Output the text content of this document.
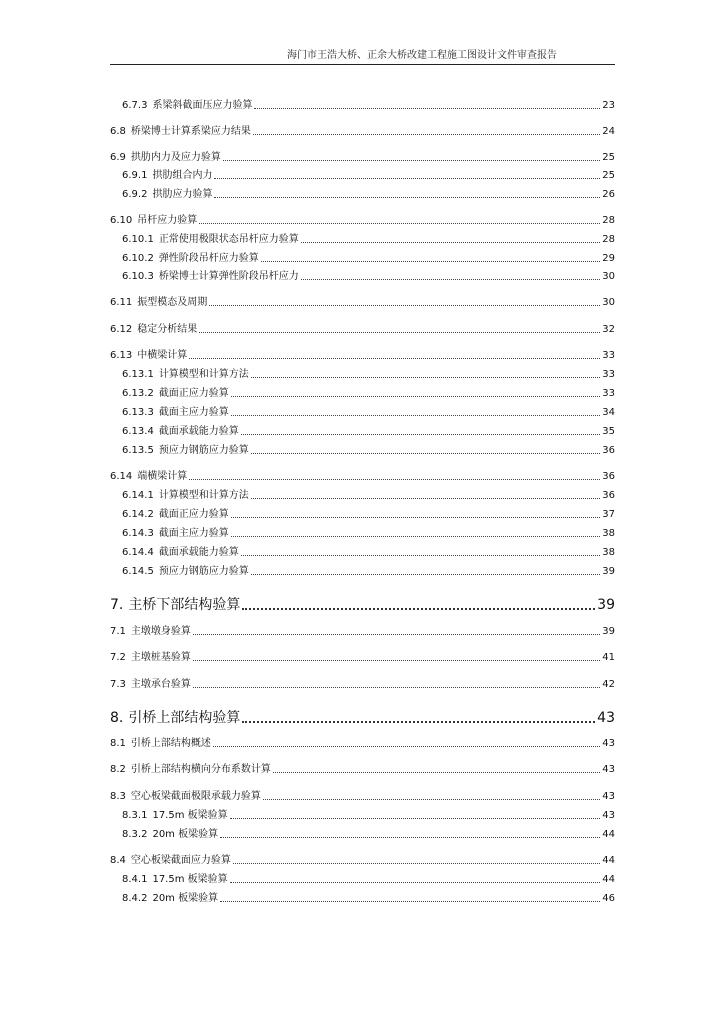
海门市王浩大桥、正余大桥改建工程施工图设计文件审查报告
6.7.3 系梁斜截面压应力验算	23
6.8 桥梁博士计算系梁应力结果	24
6.9 拱肋内力及应力验算	25
6.9.1 拱肋组合内力	25
6.9.2 拱肋应力验算	26
6.10 吊杆应力验算	28
6.10.1 正常使用极限状态吊杆应力验算	28
6.10.2 弹性阶段吊杆应力验算	29
6.10.3 桥梁博士计算弹性阶段吊杆应力	30
6.11 振型模态及周期	30
6.12 稳定分析结果	32
6.13 中横梁计算	33
6.13.1 计算模型和计算方法	33
6.13.2 截面正应力验算	33
6.13.3 截面主应力验算	34
6.13.4 截面承载能力验算	35
6.13.5 预应力钢筋应力验算	36
6.14 端横梁计算	36
6.14.1 计算模型和计算方法	36
6.14.2 截面正应力验算	37
6.14.3 截面主应力验算	38
6.14.4 截面承载能力验算	38
6.14.5 预应力钢筋应力验算	39
7. 主桥下部结构验算	39
7.1 主墩墩身验算	39
7.2 主墩桩基验算	41
7.3 主墩承台验算	42
8. 引桥上部结构验算	43
8.1 引桥上部结构概述	43
8.2 引桥上部结构横向分布系数计算	43
8.3 空心板梁截面极限承载力验算	43
8.3.1 17.5m 板梁验算	43
8.3.2 20m 板梁验算	44
8.4 空心板梁截面应力验算	44
8.4.1 17.5m 板梁验算	44
8.4.2 20m 板梁验算	46
